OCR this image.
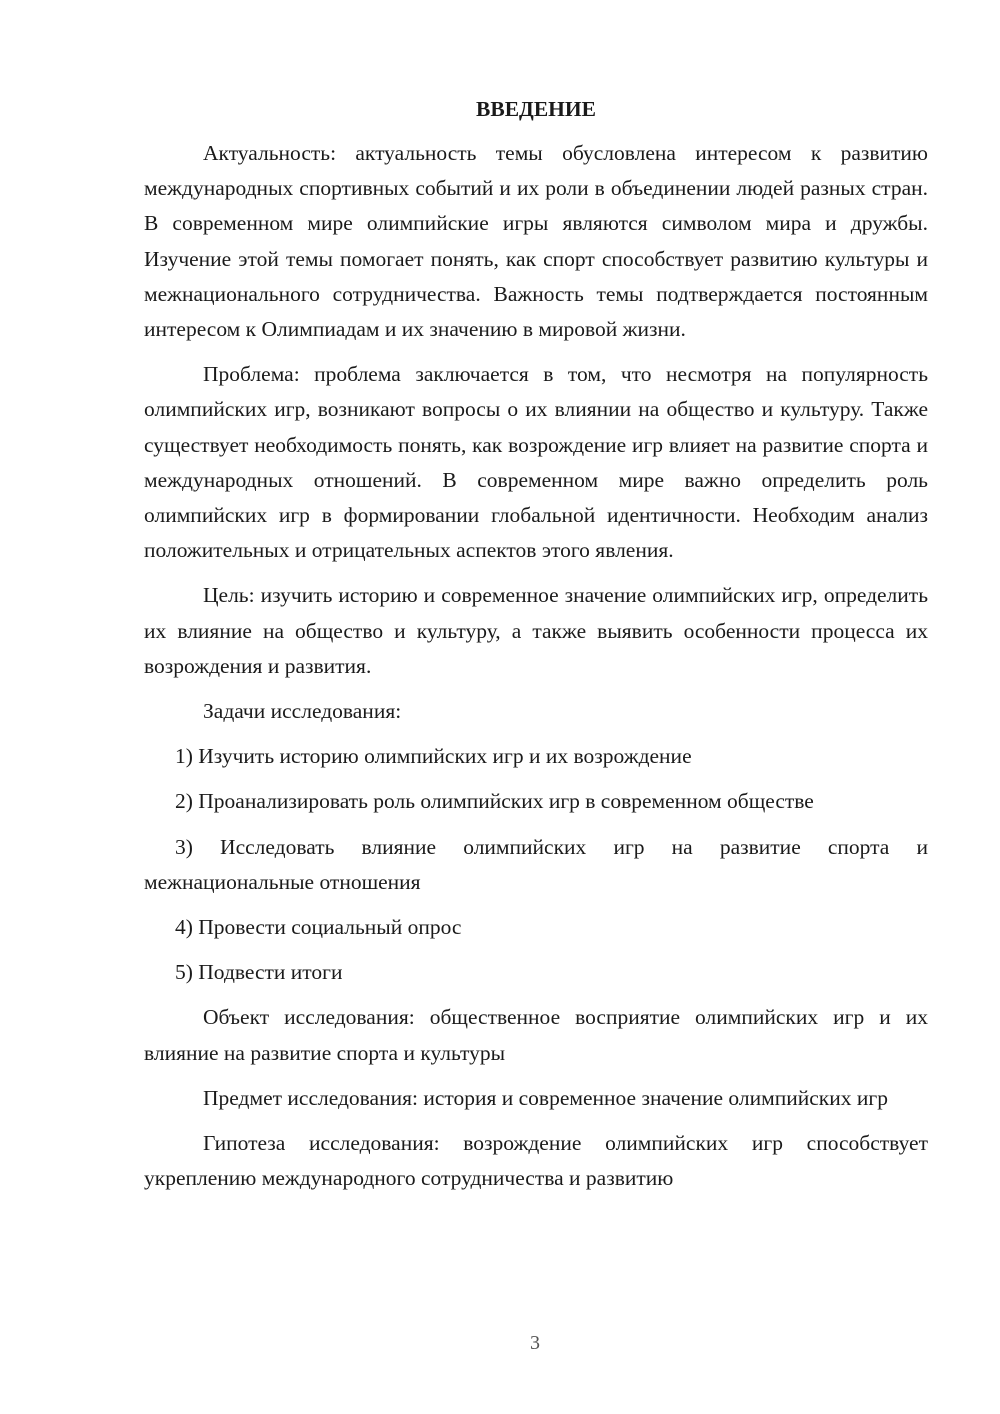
ВВЕДЕНИЕ

Актуальность: актуальность темы обусловлена интересом к развитию международных спортивных событий и их роли в объединении людей разных стран. В современном мире олимпийские игры являются символом мира и дружбы. Изучение этой темы помогает понять, как спорт способствует развитию культуры и межнационального сотрудничества. Важность темы подтверждается постоянным интересом к Олимпиадам и их значению в мировой жизни.

Проблема: проблема заключается в том, что несмотря на популярность олимпийских игр, возникают вопросы о их влиянии на общество и культуру. Также существует необходимость понять, как возрождение игр влияет на развитие спорта и международных отношений. В современном мире важно определить роль олимпийских игр в формировании глобальной идентичности. Необходим анализ положительных и отрицательных аспектов этого явления.

Цель: изучить историю и современное значение олимпийских игр, определить их влияние на общество и культуру, а также выявить особенности процесса их возрождения и развития.

Задачи исследования:

1) Изучить историю олимпийских игр и их возрождение

2) Проанализировать роль олимпийских игр в современном обществе

3) Исследовать влияние олимпийских игр на развитие спорта и межнациональные отношения

4) Провести социальный опрос

5) Подвести итоги

Объект исследования: общественное восприятие олимпийских игр и их влияние на развитие спорта и культуры

Предмет исследования: история и современное значение олимпийских игр

Гипотеза исследования: возрождение олимпийских игр способствует укреплению международного сотрудничества и развитию

3
